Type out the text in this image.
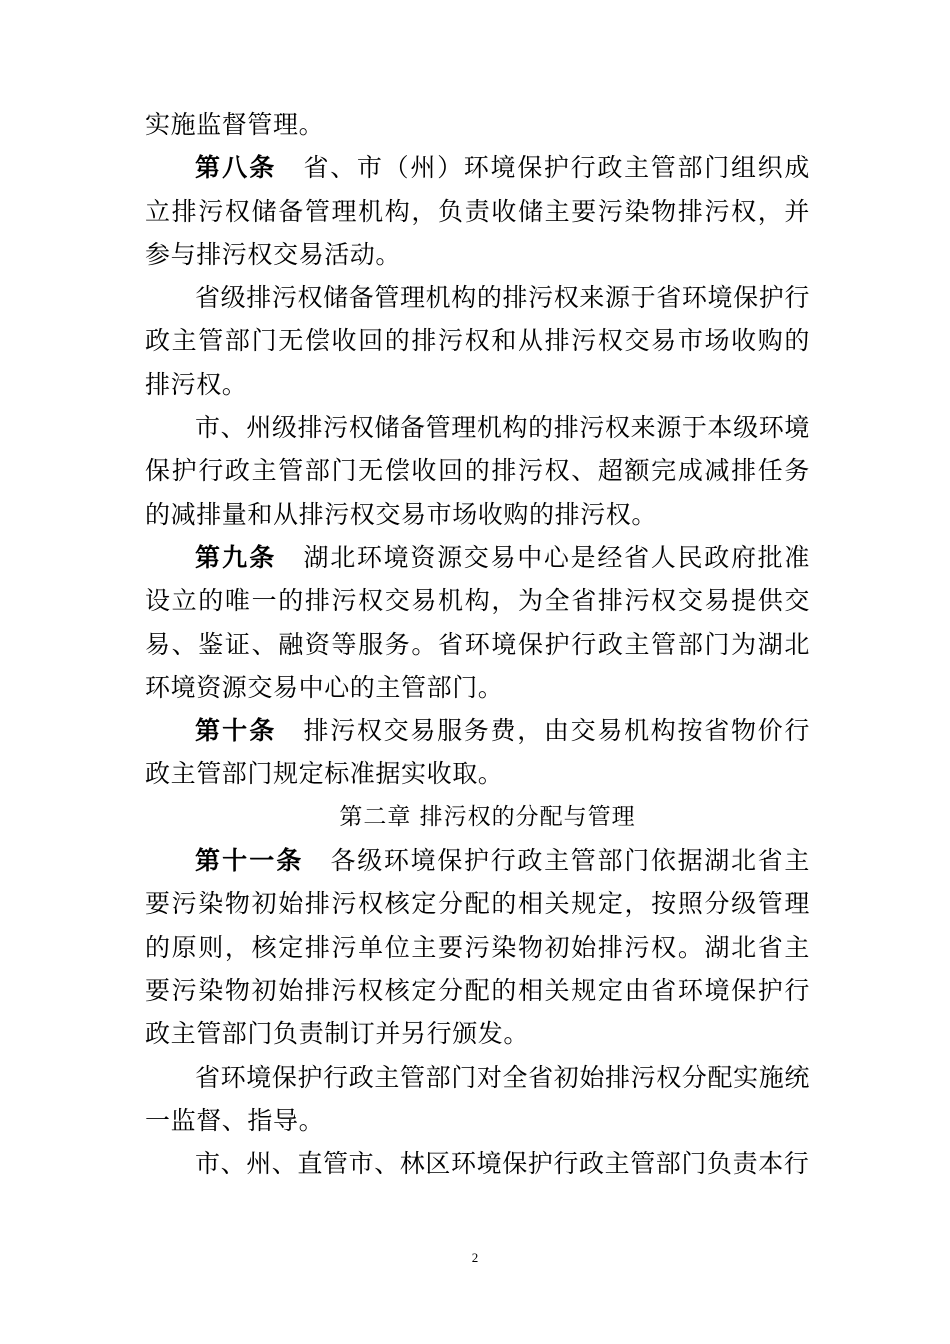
实施监督管理。

第八条 省、市（州）环境保护行政主管部门组织成立排污权储备管理机构，负责收储主要污染物排污权，并参与排污权交易活动。

省级排污权储备管理机构的排污权来源于省环境保护行政主管部门无偿收回的排污权和从排污权交易市场收购的排污权。

市、州级排污权储备管理机构的排污权来源于本级环境保护行政主管部门无偿收回的排污权、超额完成减排任务的减排量和从排污权交易市场收购的排污权。

第九条 湖北环境资源交易中心是经省人民政府批准设立的唯一的排污权交易机构，为全省排污权交易提供交易、鉴证、融资等服务。省环境保护行政主管部门为湖北环境资源交易中心的主管部门。

第十条 排污权交易服务费，由交易机构按省物价行政主管部门规定标准据实收取。

第二章 排污权的分配与管理

第十一条 各级环境保护行政主管部门依据湖北省主要污染物初始排污权核定分配的相关规定，按照分级管理的原则，核定排污单位主要污染物初始排污权。湖北省主要污染物初始排污权核定分配的相关规定由省环境保护行政主管部门负责制订并另行颁发。

省环境保护行政主管部门对全省初始排污权分配实施统一监督、指导。

市、州、直管市、林区环境保护行政主管部门负责本行

2
